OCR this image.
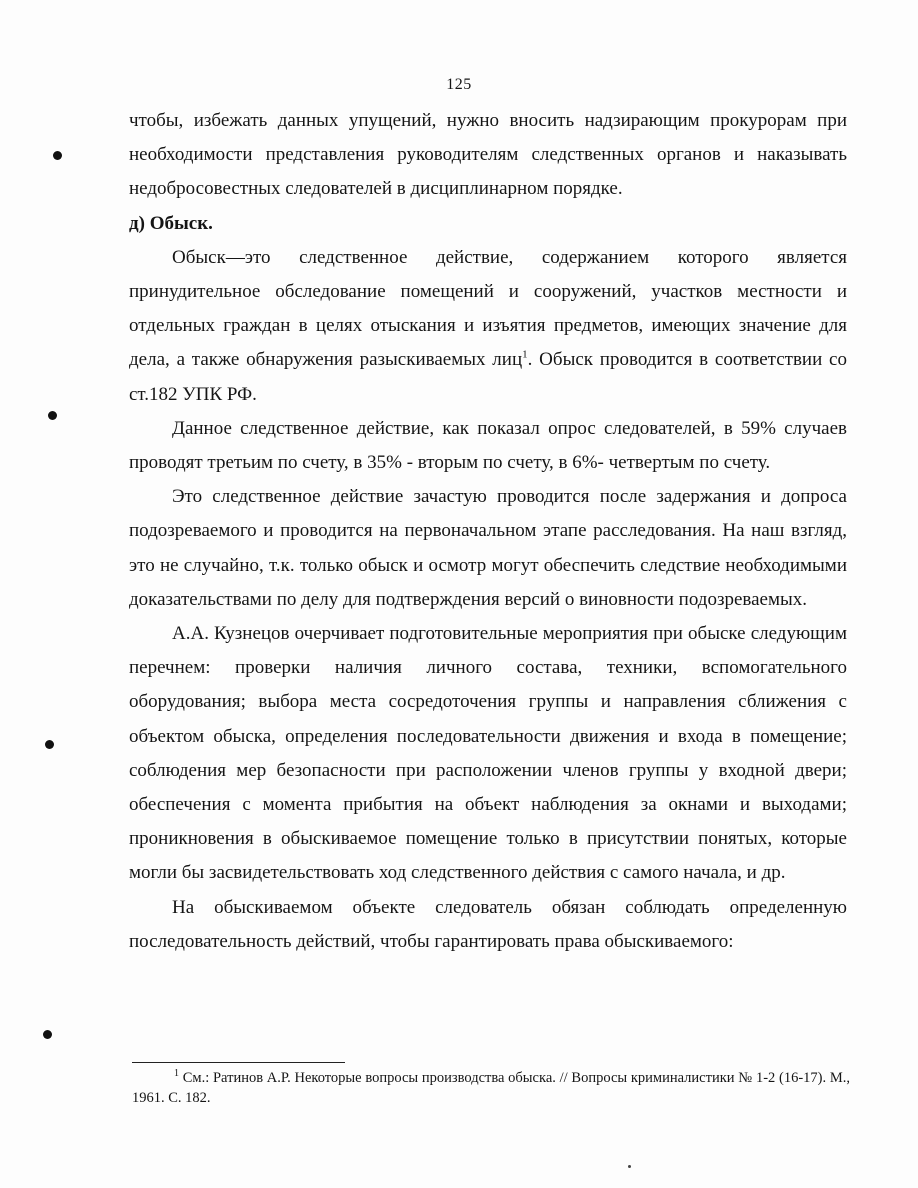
125

чтобы, избежать данных упущений, нужно вносить надзирающим прокурорам при необходимости представления руководителям следственных органов и наказывать недобросовестных следователей в дисциплинарном порядке.

д) Обыск.

Обыск—это следственное действие, содержанием которого является принудительное обследование помещений и сооружений, участков местности и отдельных граждан в целях отыскания и изъятия предметов, имеющих значение для дела, а также обнаружения разыскиваемых лиц$^1$. Обыск проводится в соответствии со ст.182 УПК РФ.

Данное следственное действие, как показал опрос следователей, в 59% случаев проводят третьим по счету, в 35% - вторым по счету, в 6%- четвертым по счету.

Это следственное действие зачастую проводится после задержания и допроса подозреваемого и проводится на первоначальном этапе расследования. На наш взгляд, это не случайно, т.к. только обыск и осмотр могут обеспечить следствие необходимыми доказательствами по делу для подтверждения версий о виновности подозреваемых.

А.А. Кузнецов очерчивает подготовительные мероприятия при обыске следующим перечнем: проверки наличия личного состава, техники, вспомогательного оборудования; выбора места сосредоточения группы и направления сближения с объектом обыска, определения последовательности движения и входа в помещение; соблюдения мер безопасности при расположении членов группы у входной двери; обеспечения с момента прибытия на объект наблюдения за окнами и выходами; проникновения в обыскиваемое помещение только в присутствии понятых, которые могли бы засвидетельствовать ход следственного действия с самого начала, и др.

На обыскиваемом объекте следователь обязан соблюдать определенную последовательность действий, чтобы гарантировать права обыскиваемого:

$^1$ См.: Ратинов А.Р. Некоторые вопросы производства обыска. // Вопросы криминалистики № 1-2 (16-17). М., 1961. С. 182.
